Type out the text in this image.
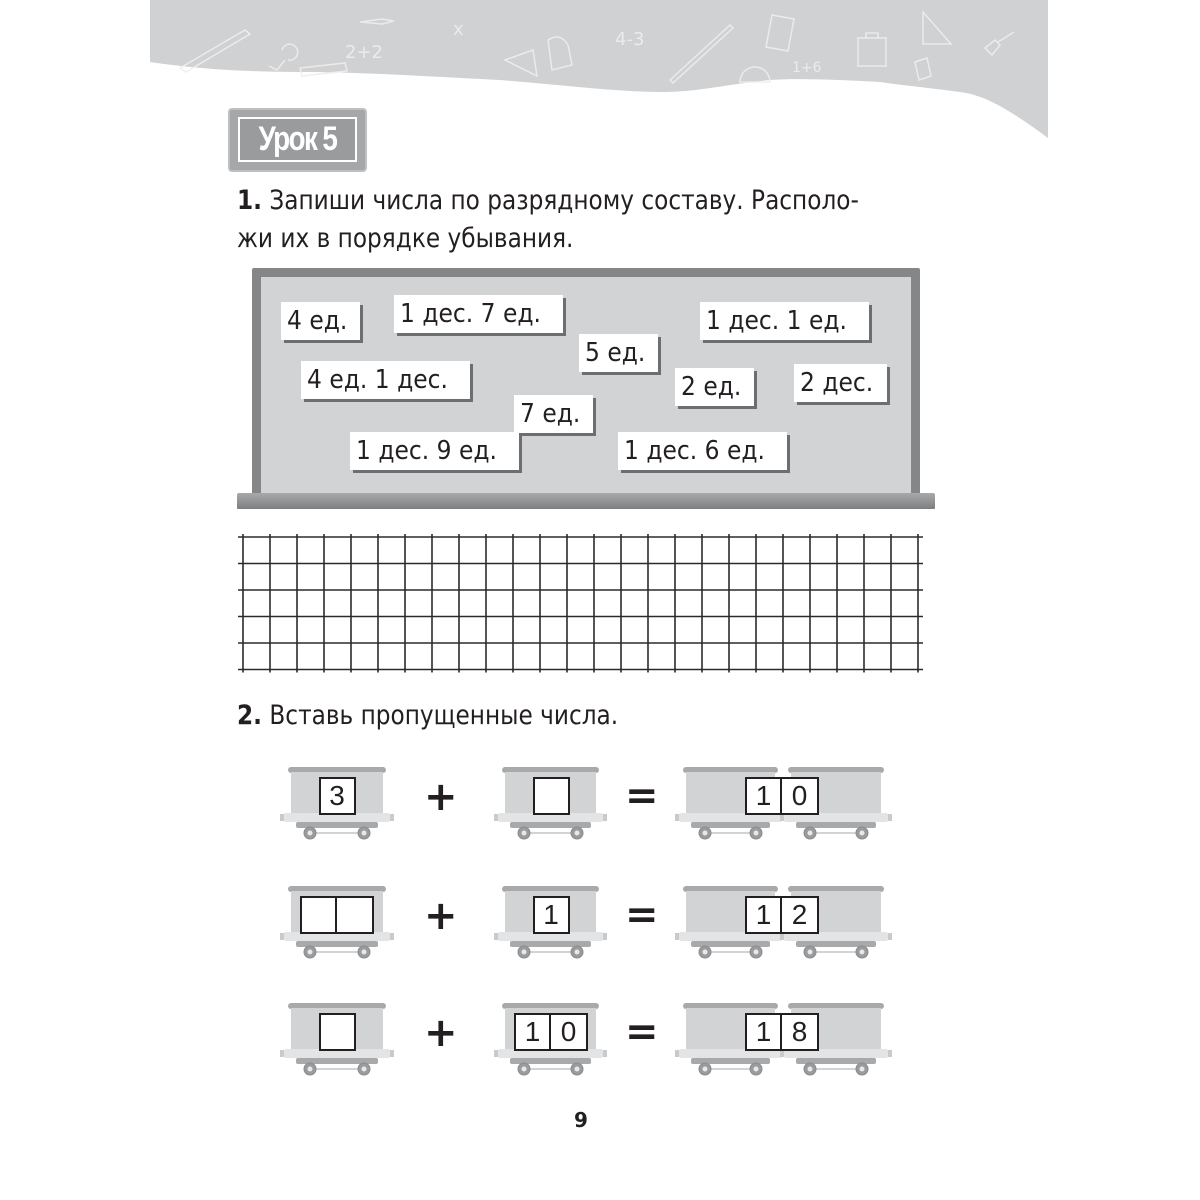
2+2
x	4-3
1+6
Урок 5
1. Запиши числа по разрядному составу. Располо-
жи их в порядке убывания.
4 ед.	1 дес. 7 ед.
5 ед.
1 дес. 1 ед.
4 ед. 1 дес.	2 ед.	2 дес.
7 ед.
1 дес. 9 ед.	1 дес. 6 ед.
2. Вставь пропущенные числа.
3 +	=	1 0
+	1 =	1 2
+	1 0 =	1 8
9
